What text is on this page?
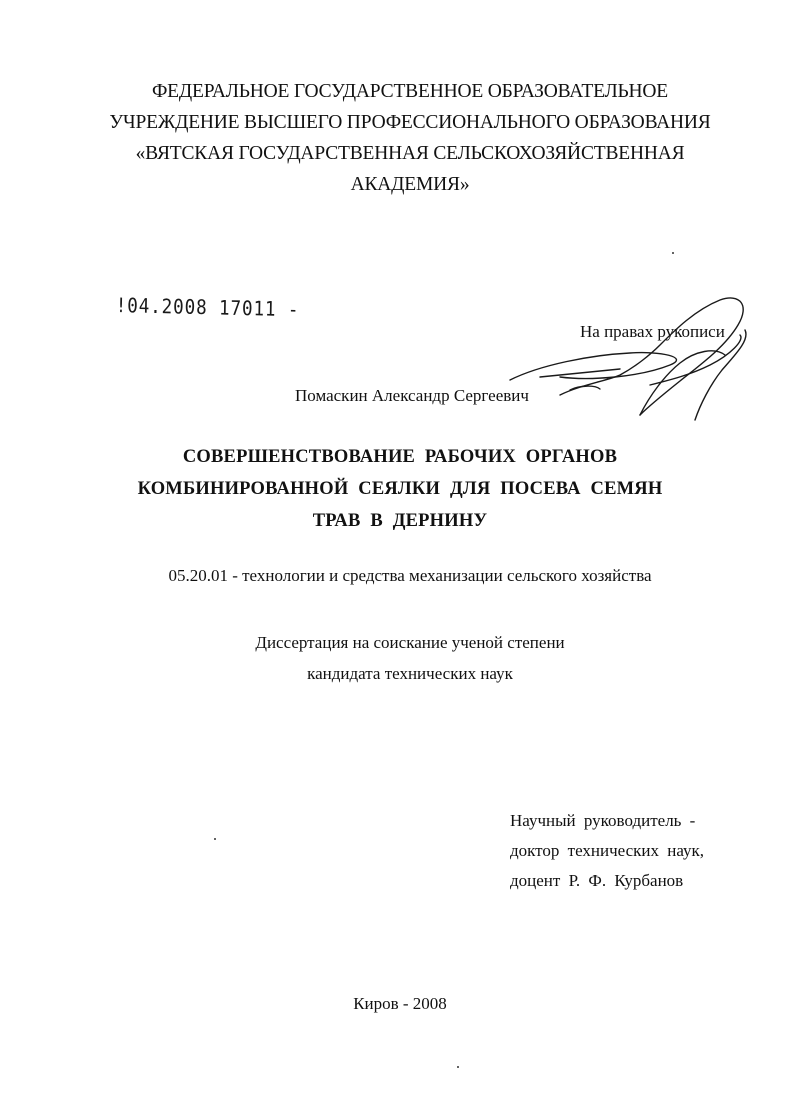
ФЕДЕРАЛЬНОЕ ГОСУДАРСТВЕННОЕ ОБРАЗОВАТЕЛЬНОЕ
УЧРЕЖДЕНИЕ ВЫСШЕГО ПРОФЕССИОНАЛЬНОГО ОБРАЗОВАНИЯ
«ВЯТСКАЯ ГОСУДАРСТВЕННАЯ СЕЛЬСКОХОЗЯЙСТВЕННАЯ
АКАДЕМИЯ»
!04.2008 17011 -
На правах рукописи
Помаскин Александр Сергеевич
СОВЕРШЕНСТВОВАНИЕ РАБОЧИХ ОРГАНОВ
КОМБИНИРОВАННОЙ СЕЯЛКИ ДЛЯ ПОСЕВА СЕМЯН
ТРАВ В ДЕРНИНУ
05.20.01 - технологии и средства механизации сельского хозяйства
Диссертация на соискание ученой степени
кандидата технических наук
Научный руководитель -
доктор технических наук,
доцент Р. Ф. Курбанов
Киров - 2008
